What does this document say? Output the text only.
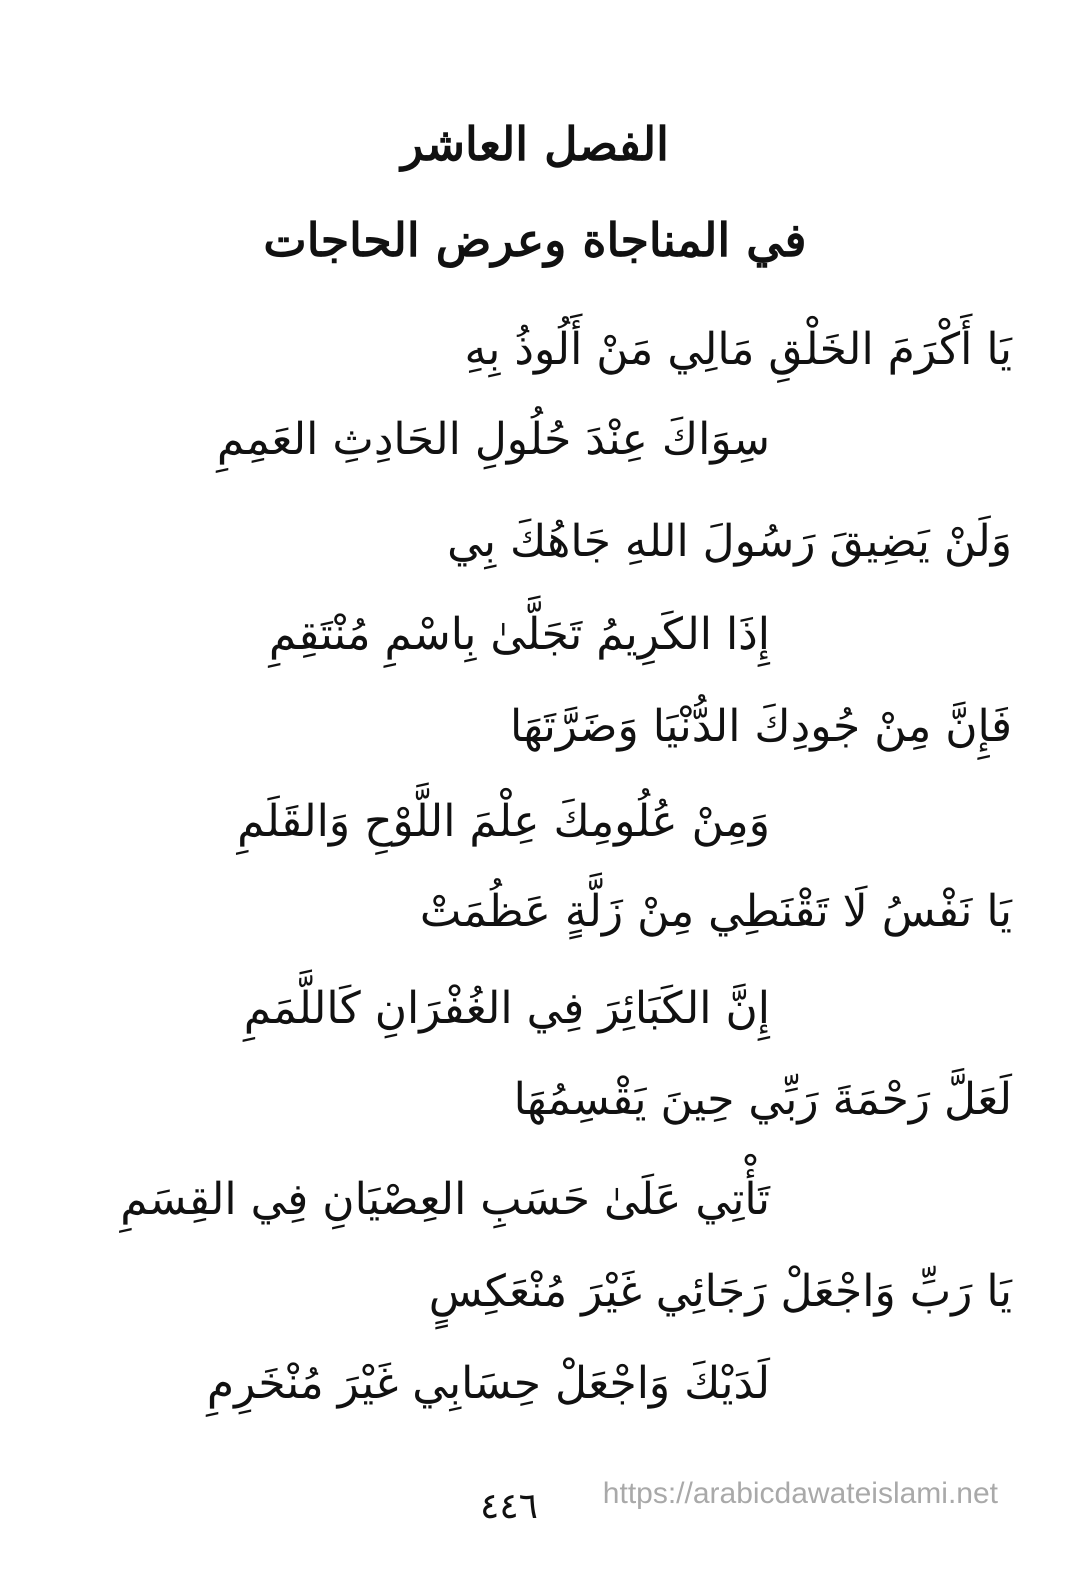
الفصل العاشر
في المناجاة وعرض الحاجات
يَا أَكْرَمَ الخَلْقِ مَالِي مَنْ أَلُوذُ بِهِ
سِوَاكَ عِنْدَ حُلُولِ الحَادِثِ العَمِمِ
وَلَنْ يَضِيقَ رَسُولَ اللهِ جَاهُكَ بِي
إِذَا الكَرِيمُ تَجَلَّىٰ بِاسْمِ مُنْتَقِمِ
فَإِنَّ مِنْ جُودِكَ الدُّنْيَا وَضَرَّتَهَا
وَمِنْ عُلُومِكَ عِلْمَ اللَّوْحِ وَالقَلَمِ
يَا نَفْسُ لَا تَقْنَطِي مِنْ زَلَّةٍ عَظُمَتْ
إِنَّ الكَبَائِرَ فِي الغُفْرَانِ كَاللَّمَمِ
لَعَلَّ رَحْمَةَ رَبِّي حِينَ يَقْسِمُهَا
تَأْتِي عَلَىٰ حَسَبِ العِصْيَانِ فِي القِسَمِ
يَا رَبِّ وَاجْعَلْ رَجَائِي غَيْرَ مُنْعَكِسٍ
لَدَيْكَ وَاجْعَلْ حِسَابِي غَيْرَ مُنْخَرِمِ
٤٤٦ https://arabicdawateislami.net
